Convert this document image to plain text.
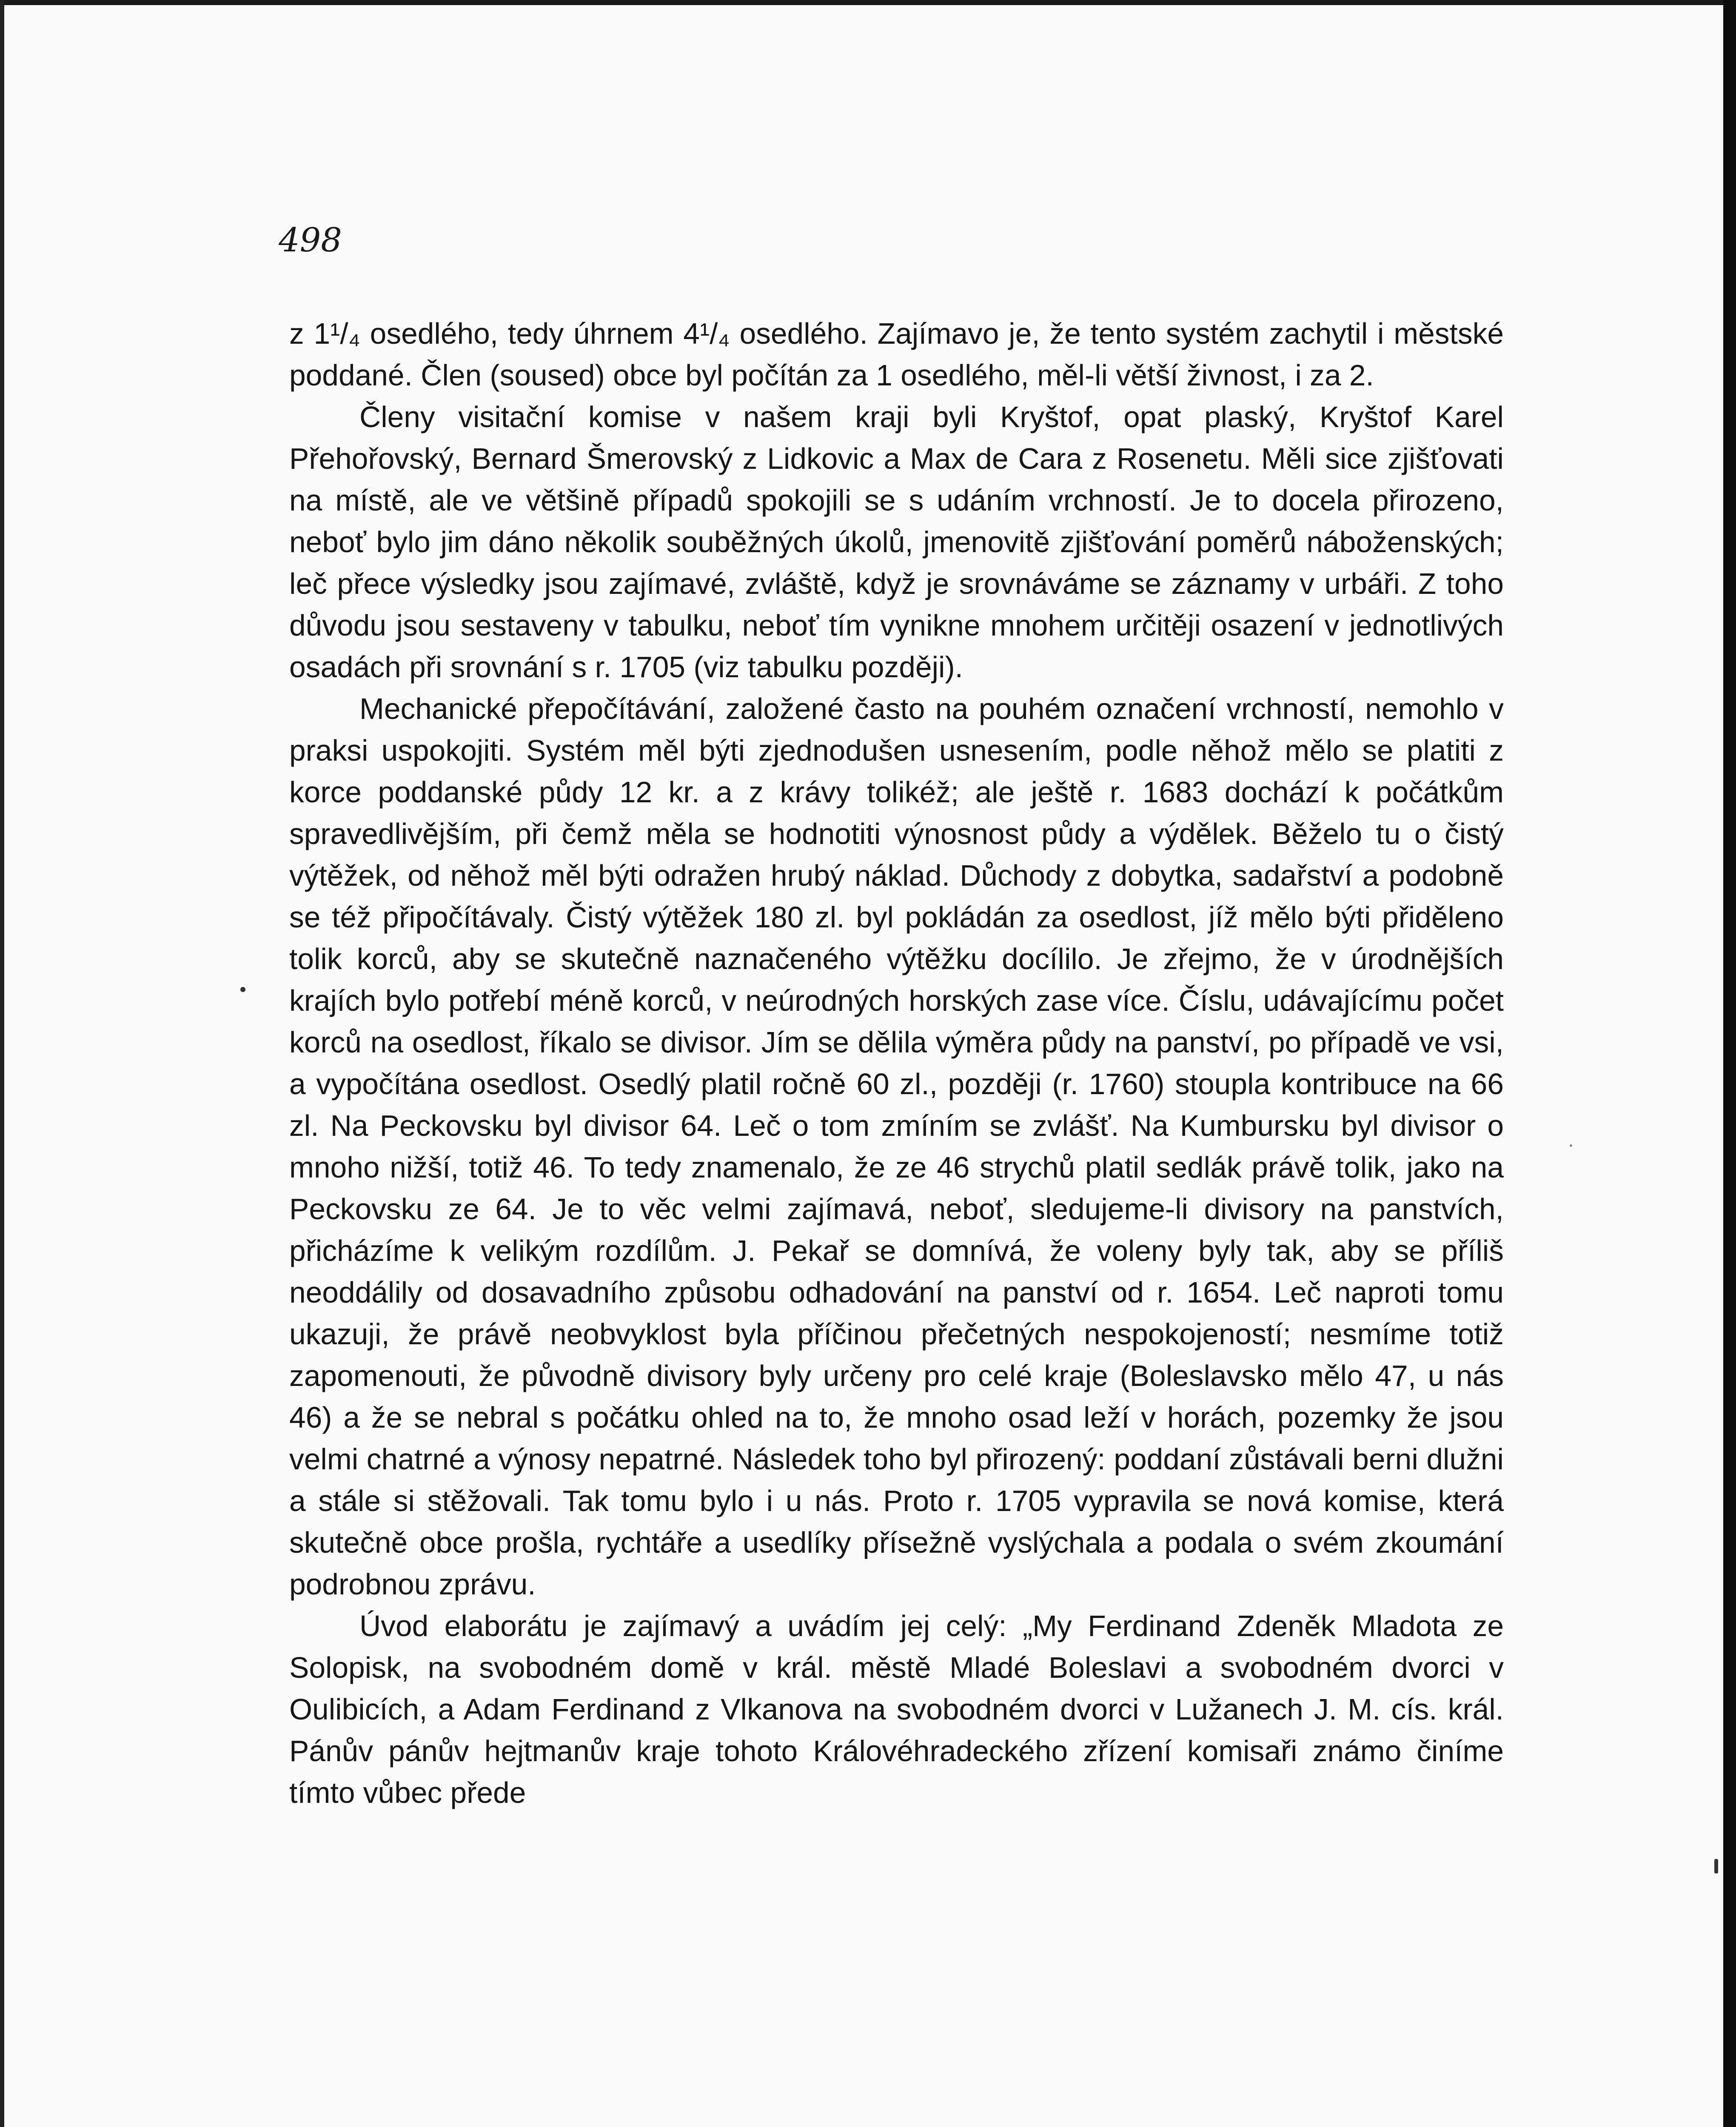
498

z 1¹/₄ osedlého, tedy úhrnem 4¹/₄ osedlého. Zajímavo je, že tento systém zachytil i městské poddané. Člen (soused) obce byl počítán za 1 osedlého, měl-li větší živnost, i za 2.

Členy visitační komise v našem kraji byli Kryštof, opat plaský, Kryštof Karel Přehořovský, Bernard Šmerovský z Lidkovic a Max de Cara z Rosenetu. Měli sice zjišťovati na místě, ale ve většině případů spokojili se s udáním vrchností. Je to docela přirozeno, neboť bylo jim dáno několik souběžných úkolů, jmenovitě zjišťování poměrů náboženských; leč přece výsledky jsou zajímavé, zvláště, když je srovnáváme se záznamy v urbáři. Z toho důvodu jsou sestaveny v tabulku, neboť tím vynikne mnohem určitěji osazení v jednotlivých osadách při srovnání s r. 1705 (viz tabulku později).

Mechanické přepočítávání, založené často na pouhém označení vrchností, nemohlo v praksi uspokojiti. Systém měl býti zjednodušen usnesením, podle něhož mělo se platiti z korce poddanské půdy 12 kr. a z krávy tolikéž; ale ještě r. 1683 dochází k počátkům spravedlivějším, při čemž měla se hodnotiti výnosnost půdy a výdělek. Běželo tu o čistý výtěžek, od něhož měl býti odražen hrubý náklad. Důchody z dobytka, sadařství a podobně se též připočítávaly. Čistý výtěžek 180 zl. byl pokládán za osedlost, jíž mělo býti přiděleno tolik korců, aby se skutečně naznačeného výtěžku docílilo. Je zřejmo, že v úrodnějších krajích bylo potřebí méně korců, v neúrodných horských zase více. Číslu, udávajícímu počet korců na osedlost, říkalo se divisor. Jím se dělila výměra půdy na panství, po případě ve vsi, a vypočítána osedlost. Osedlý platil ročně 60 zl., později (r. 1760) stoupla kontribuce na 66 zl. Na Peckovsku byl divisor 64. Leč o tom zmíním se zvlášť. Na Kumbursku byl divisor o mnoho nižší, totiž 46. To tedy znamenalo, že ze 46 strychů platil sedlák právě tolik, jako na Peckovsku ze 64. Je to věc velmi zajímavá, neboť, sledujeme-li divisory na panstvích, přicházíme k velikým rozdílům. J. Pekař se domnívá, že voleny byly tak, aby se příliš neoddálily od dosavadního způsobu odhadování na panství od r. 1654. Leč naproti tomu ukazuji, že právě neobvyklost byla příčinou přečetných nespokojeností; nesmíme totiž zapomenouti, že původně divisory byly určeny pro celé kraje (Boleslavsko mělo 47, u nás 46) a že se nebral s počátku ohled na to, že mnoho osad leží v horách, pozemky že jsou velmi chatrné a výnosy nepatrné. Následek toho byl přirozený: poddaní zůstávali berni dlužni a stále si stěžovali. Tak tomu bylo i u nás. Proto r. 1705 vypravila se nová komise, která skutečně obce prošla, rychtáře a usedlíky přísežně vyslýchala a podala o svém zkoumání podrobnou zprávu.

Úvod elaborátu je zajímavý a uvádím jej celý: „My Ferdinand Zdeněk Mladota ze Solopisk, na svobodném domě v král. městě Mladé Boleslavi a svobodném dvorci v Oulibicích, a Adam Ferdinand z Vlkanova na svobodném dvorci v Lužanech J. M. cís. král. Pánův pánův hejtmanův kraje tohoto Královéhradeckého zřízení komisaři známo činíme tímto vůbec přede
